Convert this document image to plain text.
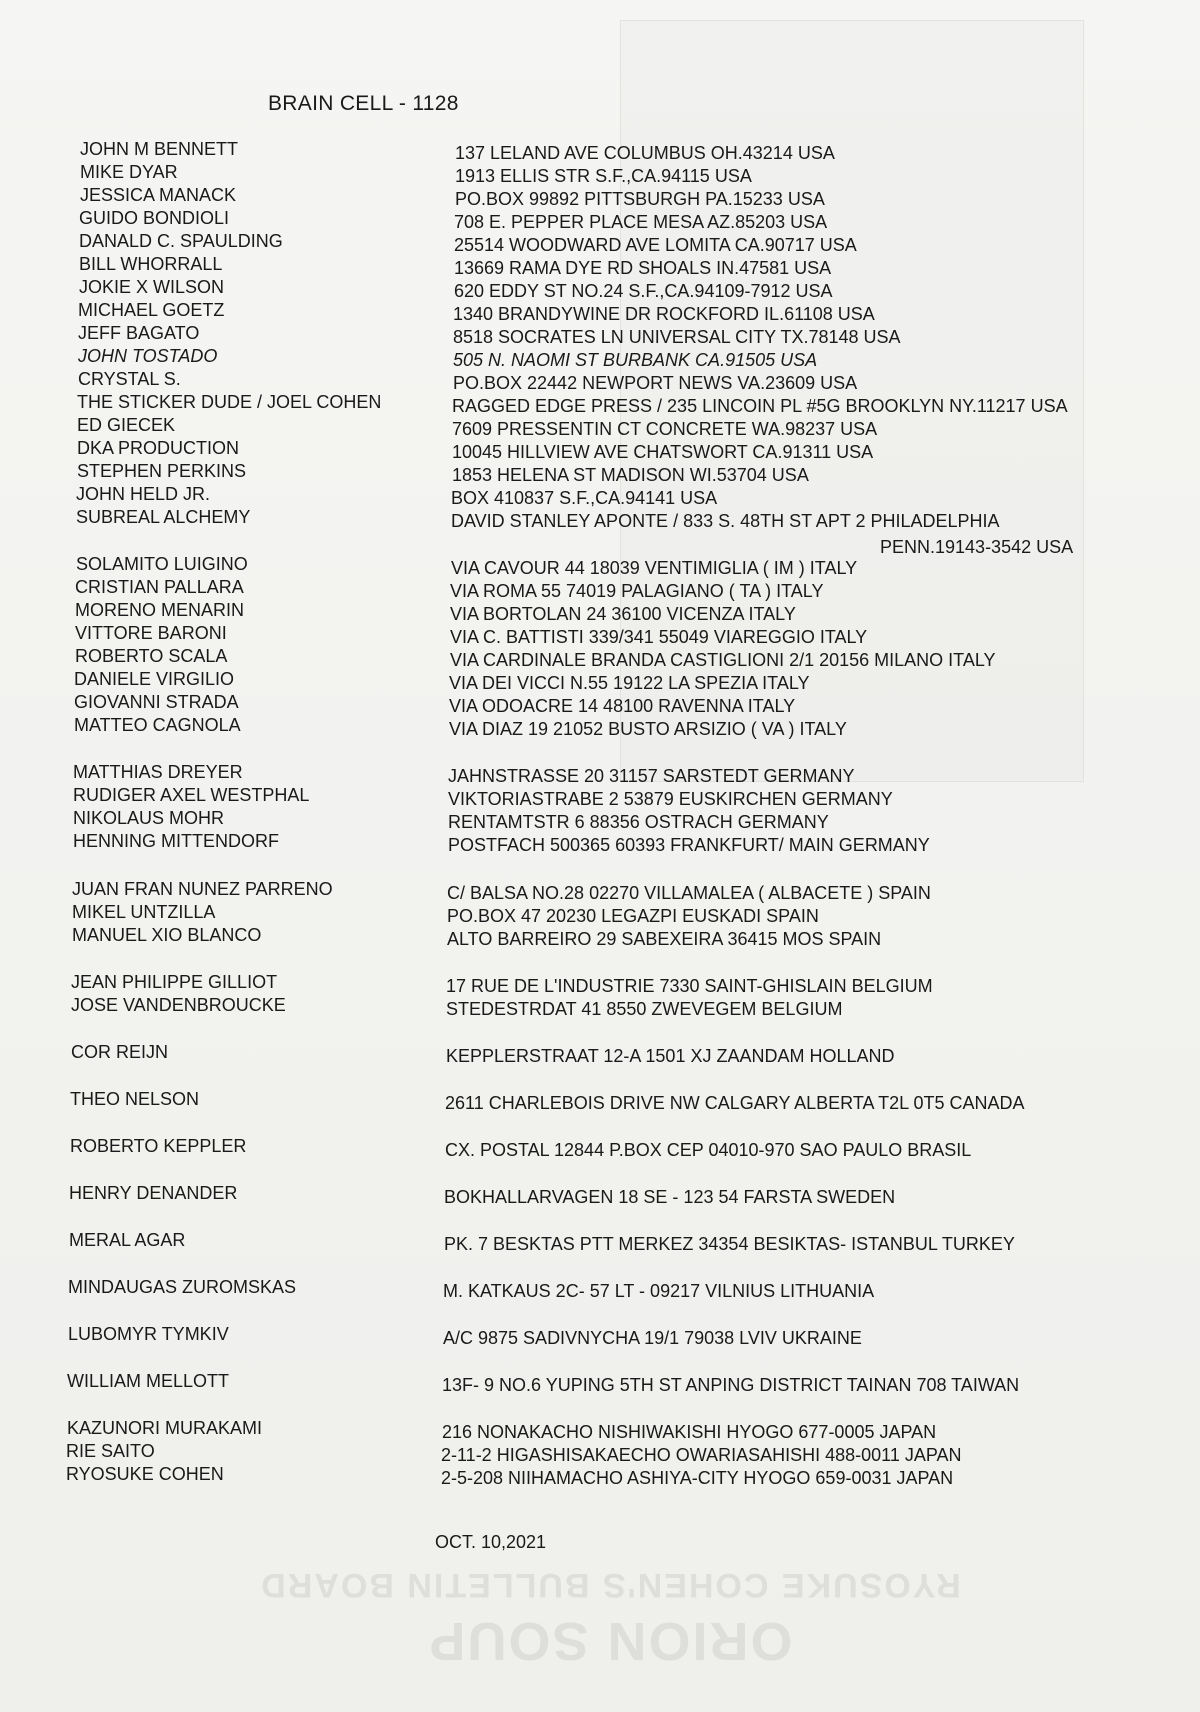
ORION SOUP
RYOSUKE COHEN'S BULLETIN BOARD
BRAIN CELL - 1128
JOHN M BENNETT	137 LELAND AVE COLUMBUS OH.43214 USA
MIKE DYAR	1913 ELLIS STR S.F.,CA.94115 USA
JESSICA MANACK	PO.BOX 99892 PITTSBURGH PA.15233 USA
GUIDO BONDIOLI	708 E. PEPPER PLACE MESA AZ.85203 USA
DANALD C. SPAULDING	25514 WOODWARD AVE LOMITA CA.90717 USA
BILL WHORRALL	13669 RAMA DYE RD SHOALS IN.47581 USA
JOKIE X WILSON	620 EDDY ST NO.24 S.F.,CA.94109-7912 USA
MICHAEL GOETZ	1340 BRANDYWINE DR ROCKFORD IL.61108 USA
JEFF BAGATO	8518 SOCRATES LN UNIVERSAL CITY TX.78148 USA
JOHN TOSTADO	505 N. NAOMI ST BURBANK CA.91505 USA
CRYSTAL S.	PO.BOX 22442 NEWPORT NEWS VA.23609 USA
THE STICKER DUDE / JOEL COHEN	RAGGED EDGE PRESS / 235 LINCOIN PL #5G BROOKLYN NY.11217 USA
ED GIECEK	7609 PRESSENTIN CT CONCRETE WA.98237 USA
DKA PRODUCTION	10045 HILLVIEW AVE CHATSWORT CA.91311 USA
STEPHEN PERKINS	1853 HELENA ST MADISON WI.53704 USA
JOHN HELD JR.	BOX 410837 S.F.,CA.94141 USA
SUBREAL ALCHEMY	DAVID STANLEY APONTE / 833 S. 48TH ST APT 2 PHILADELPHIA
PENN.19143-3542 USA
SOLAMITO LUIGINO	VIA CAVOUR 44 18039 VENTIMIGLIA ( IM ) ITALY
CRISTIAN PALLARA	VIA ROMA 55 74019 PALAGIANO ( TA ) ITALY
MORENO MENARIN	VIA BORTOLAN 24 36100 VICENZA ITALY
VITTORE BARONI	VIA C. BATTISTI 339/341 55049 VIAREGGIO ITALY
ROBERTO SCALA	VIA CARDINALE BRANDA CASTIGLIONI 2/1 20156 MILANO ITALY
DANIELE VIRGILIO	VIA DEI VICCI N.55 19122 LA SPEZIA ITALY
GIOVANNI STRADA	VIA ODOACRE 14 48100 RAVENNA ITALY
MATTEO CAGNOLA	VIA DIAZ 19 21052 BUSTO ARSIZIO ( VA ) ITALY
MATTHIAS DREYER	JAHNSTRASSE 20 31157 SARSTEDT GERMANY
RUDIGER AXEL WESTPHAL	VIKTORIASTRABE 2 53879 EUSKIRCHEN GERMANY
NIKOLAUS MOHR	RENTAMTSTR 6 88356 OSTRACH GERMANY
HENNING MITTENDORF	POSTFACH 500365 60393 FRANKFURT/ MAIN GERMANY
JUAN FRAN NUNEZ PARRENO	C/ BALSA NO.28 02270 VILLAMALEA ( ALBACETE ) SPAIN
MIKEL UNTZILLA	PO.BOX 47 20230 LEGAZPI EUSKADI SPAIN
MANUEL XIO BLANCO	ALTO BARREIRO 29 SABEXEIRA 36415 MOS SPAIN
JEAN PHILIPPE GILLIOT	17 RUE DE L'INDUSTRIE 7330 SAINT-GHISLAIN BELGIUM
JOSE VANDENBROUCKE	STEDESTRDAT 41 8550 ZWEVEGEM BELGIUM
COR REIJN	KEPPLERSTRAAT 12-A 1501 XJ ZAANDAM HOLLAND
THEO NELSON	2611 CHARLEBOIS DRIVE NW CALGARY ALBERTA T2L 0T5 CANADA
ROBERTO KEPPLER	CX. POSTAL 12844 P.BOX CEP 04010-970 SAO PAULO BRASIL
HENRY DENANDER	BOKHALLARVAGEN 18 SE - 123 54 FARSTA SWEDEN
MERAL AGAR	PK. 7 BESKTAS PTT MERKEZ 34354 BESIKTAS- ISTANBUL TURKEY
MINDAUGAS ZUROMSKAS	M. KATKAUS 2C- 57 LT - 09217 VILNIUS LITHUANIA
LUBOMYR TYMKIV	A/C 9875 SADIVNYCHA 19/1 79038 LVIV UKRAINE
WILLIAM MELLOTT	13F- 9 NO.6 YUPING 5TH ST ANPING DISTRICT TAINAN 708 TAIWAN
KAZUNORI MURAKAMI	216 NONAKACHO NISHIWAKISHI HYOGO 677-0005 JAPAN
RIE SAITO	2-11-2 HIGASHISAKAECHO OWARIASAHISHI 488-0011 JAPAN
RYOSUKE COHEN	2-5-208 NIIHAMACHO ASHIYA-CITY HYOGO 659-0031 JAPAN
OCT. 10,2021
